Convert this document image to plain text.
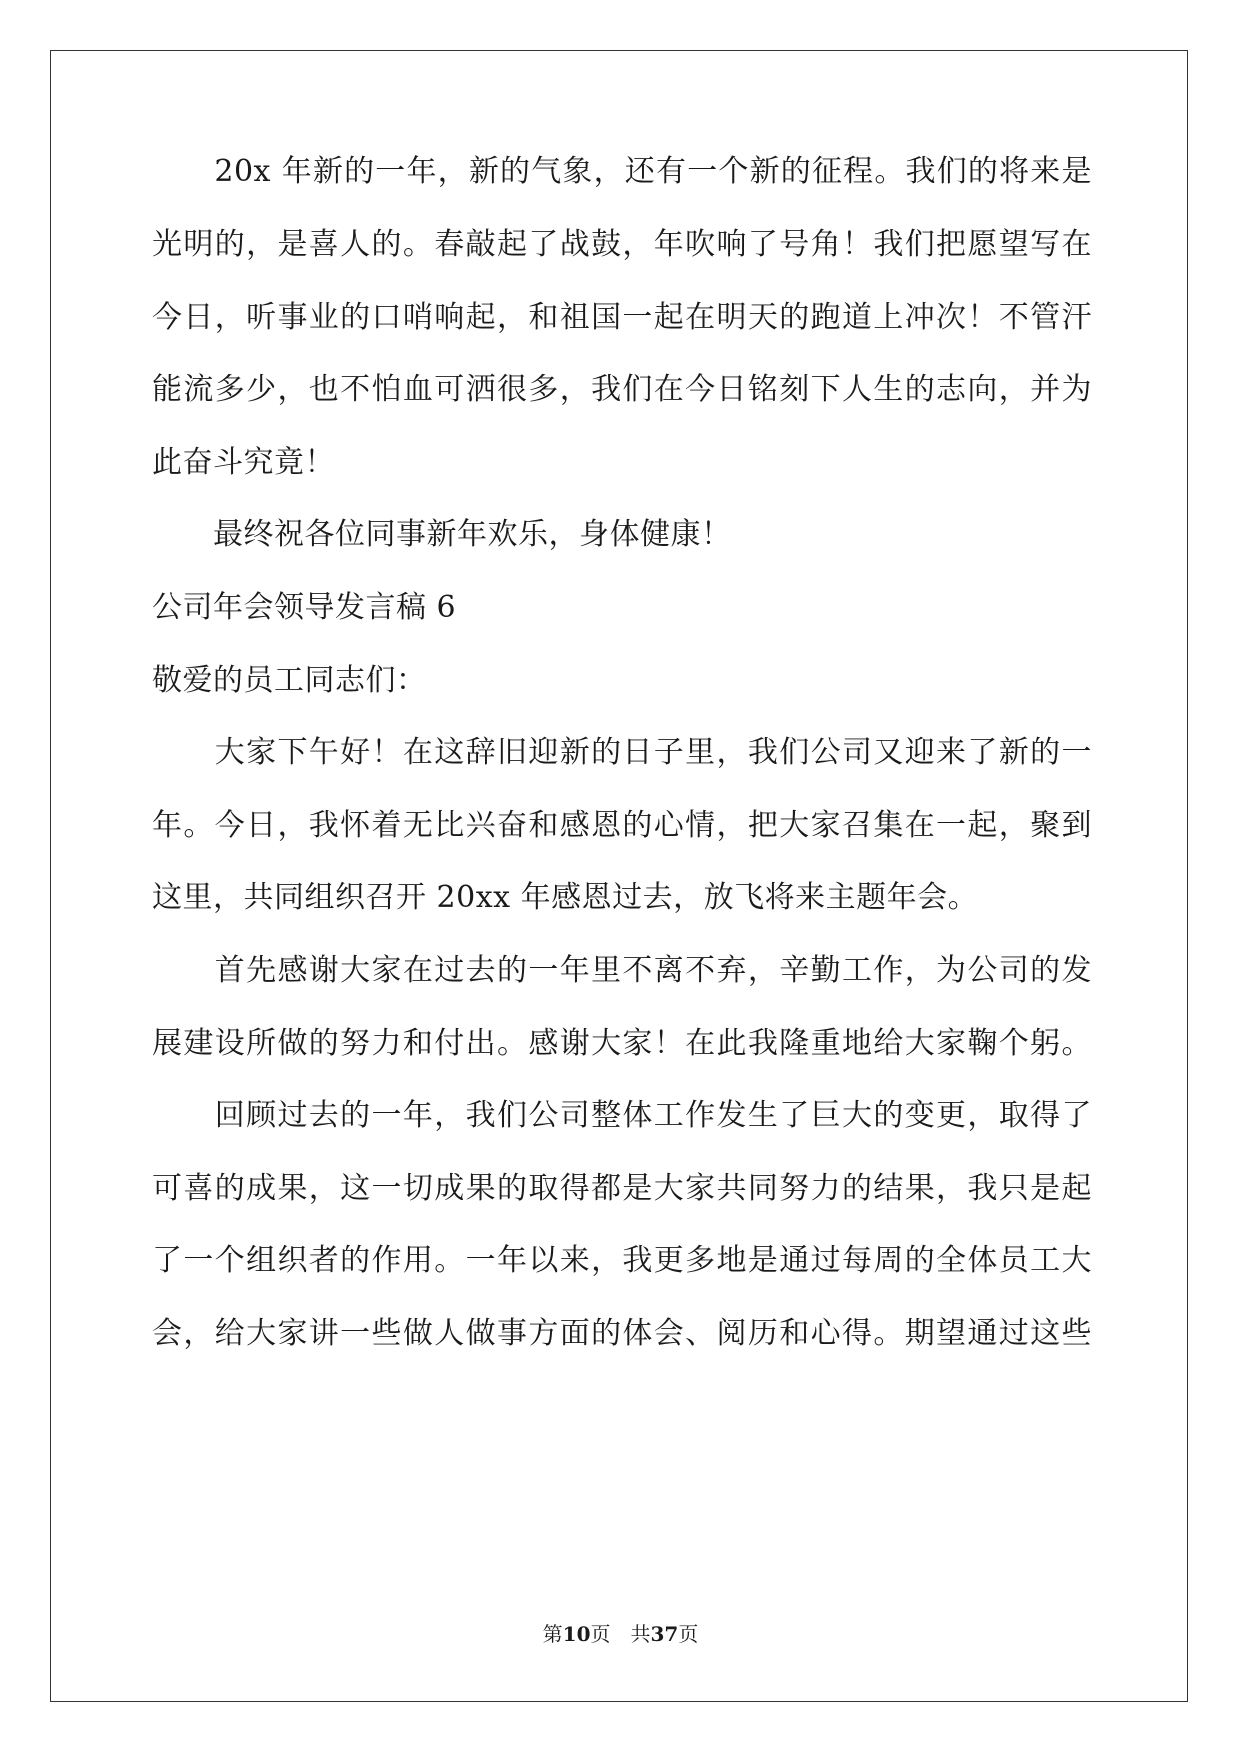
　　20x 年新的一年，新的气象，还有一个新的征程。我们的将来是
光明的，是喜人的。春敲起了战鼓，年吹响了号角！我们把愿望写在
今日，听事业的口哨响起，和祖国一起在明天的跑道上冲次！不管汗
能流多少，也不怕血可洒很多，我们在今日铭刻下人生的志向，并为
此奋斗究竟！
　　最终祝各位同事新年欢乐，身体健康！
公司年会领导发言稿 6
敬爱的员工同志们：
　　大家下午好！在这辞旧迎新的日子里，我们公司又迎来了新的一
年。今日，我怀着无比兴奋和感恩的心情，把大家召集在一起，聚到
这里，共同组织召开 20xx 年感恩过去，放飞将来主题年会。
　　首先感谢大家在过去的一年里不离不弃，辛勤工作，为公司的发
展建设所做的努力和付出。感谢大家！在此我隆重地给大家鞠个躬。
　　回顾过去的一年，我们公司整体工作发生了巨大的变更，取得了
可喜的成果，这一切成果的取得都是大家共同努力的结果，我只是起
了一个组织者的作用。一年以来，我更多地是通过每周的全体员工大
会，给大家讲一些做人做事方面的体会、阅历和心得。期望通过这些
第10页　共37页
